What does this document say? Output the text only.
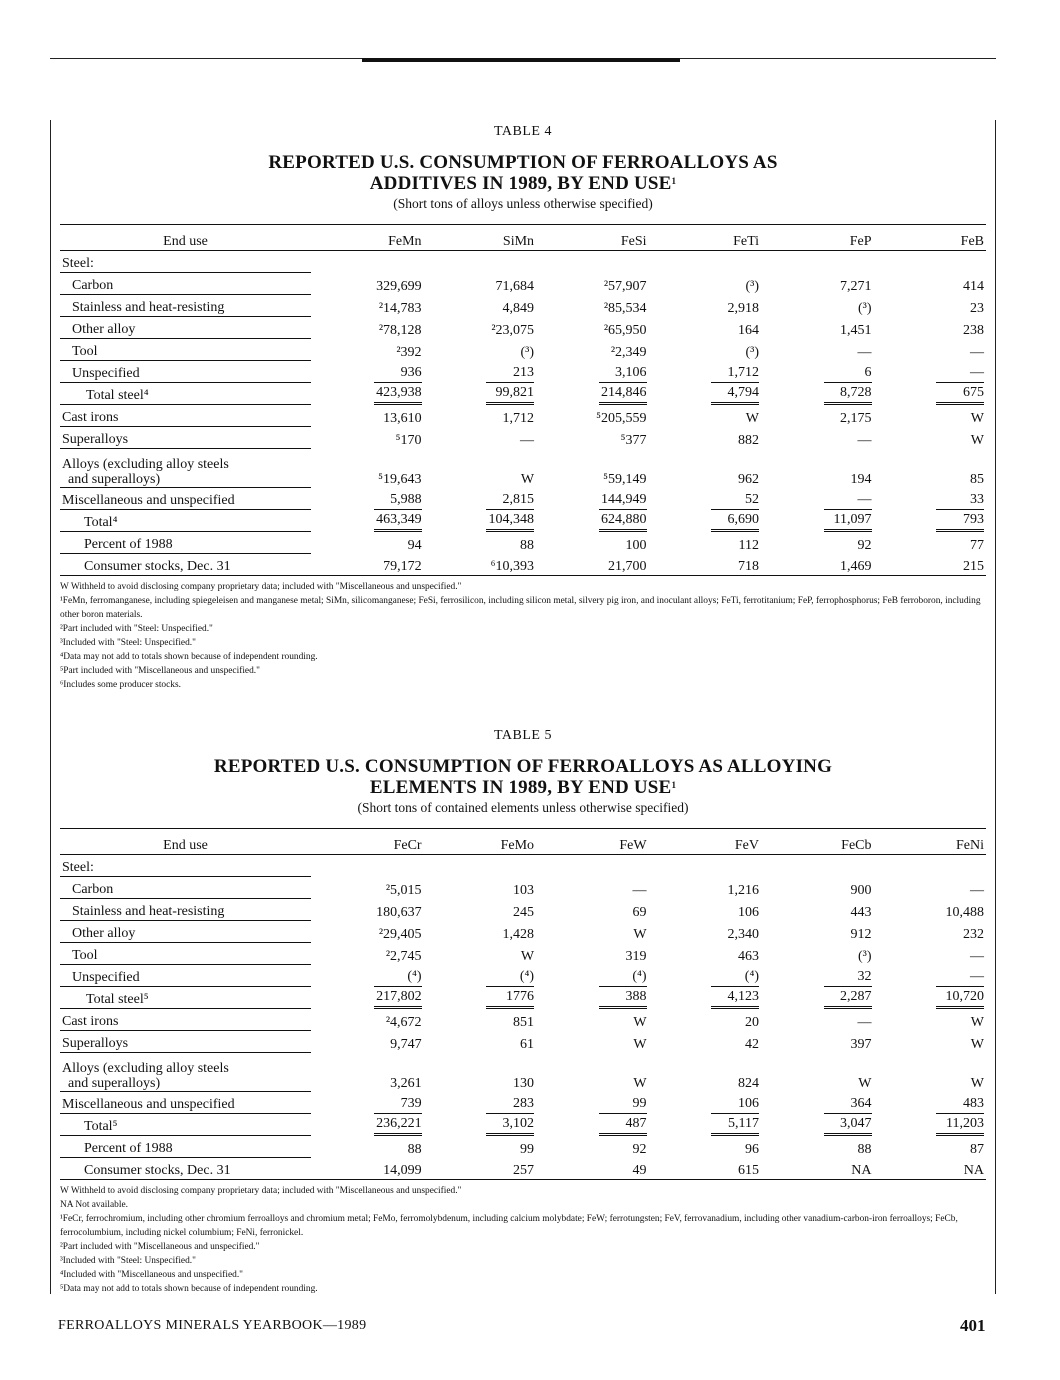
TABLE 4
REPORTED U.S. CONSUMPTION OF FERROALLOYS AS
ADDITIVES IN 1989, BY END USE$^1$
(Short tons of alloys unless otherwise specified)
End use	FeMn	SiMn	FeSi	FeTi	FeP	FeB
Steel:						
Carbon	329,699	71,684	²57,907	(³)	7,271	414
Stainless and heat-resisting	²14,783	4,849	²85,534	2,918	(³)	23
Other alloy	²78,128	²23,075	²65,950	164	1,451	238
Tool	²392	(³)	²2,349	(³)	—	—
Unspecified	936	213	3,106	1,712	6	—
Total steel⁴	423,938	99,821	214,846	4,794	8,728	675
Cast irons	13,610	1,712	⁵205,559	W	2,175	W
Superalloys	⁵170	—	⁵377	882	—	W

Alloys (excluding alloy steels
and superalloys)	⁵19,643	W	⁵59,149	962	194	85
Miscellaneous and unspecified	5,988	2,815	144,949	52	—	33
Total⁴	463,349	104,348	624,880	6,690	11,097	793
Percent of 1988	94	88	100	112	92	77
Consumer stocks, Dec. 31	79,172	⁶10,393	21,700	718	1,469	215

W Withheld to avoid disclosing company proprietary data; included with "Miscellaneous and unspecified."

¹FeMn, ferromanganese, including spiegeleisen and manganese metal; SiMn, silicomanganese; FeSi, ferrosilicon, including silicon metal, silvery pig iron, and inoculant alloys; FeTi, ferrotitanium; FeP, ferrophosphorus; FeB ferroboron, including other boron materials.

²Part included with "Steel: Unspecified."

³Included with "Steel: Unspecified."

⁴Data may not add to totals shown because of independent rounding.

⁵Part included with "Miscellaneous and unspecified."

⁶Includes some producer stocks.

TABLE 5
REPORTED U.S. CONSUMPTION OF FERROALLOYS AS ALLOYING
ELEMENTS IN 1989, BY END USE$^1$
(Short tons of contained elements unless otherwise specified)
End use	FeCr	FeMo	FeW	FeV	FeCb	FeNi
Steel:						
Carbon	²5,015	103	—	1,216	900	—
Stainless and heat-resisting	180,637	245	69	106	443	10,488
Other alloy	²29,405	1,428	W	2,340	912	232
Tool	²2,745	W	319	463	(³)	—
Unspecified	(⁴)	(⁴)	(⁴)	(⁴)	32	—
Total steel⁵	217,802	1776	388	4,123	2,287	10,720
Cast irons	²4,672	851	W	20	—	W
Superalloys	9,747	61	W	42	397	W

Alloys (excluding alloy steels
and superalloys)	3,261	130	W	824	W	W
Miscellaneous and unspecified	739	283	99	106	364	483
Total⁵	236,221	3,102	487	5,117	3,047	11,203
Percent of 1988	88	99	92	96	88	87
Consumer stocks, Dec. 31	14,099	257	49	615	NA	NA

W Withheld to avoid disclosing company proprietary data; included with "Miscellaneous and unspecified."

NA Not available.

¹FeCr, ferrochromium, including other chromium ferroalloys and chromium metal; FeMo, ferromolybdenum, including calcium molybdate; FeW; ferrotungsten; FeV, ferrovanadium, including other vanadium-carbon-iron ferroalloys; FeCb, ferrocolumbium, including nickel columbium; FeNi, ferronickel.

²Part included with "Miscellaneous and unspecified."

³Included with "Steel: Unspecified."

⁴Included with "Miscellaneous and unspecified."

⁵Data may not add to totals shown because of independent rounding.

FERROALLOYS MINERALS YEARBOOK—1989	401
